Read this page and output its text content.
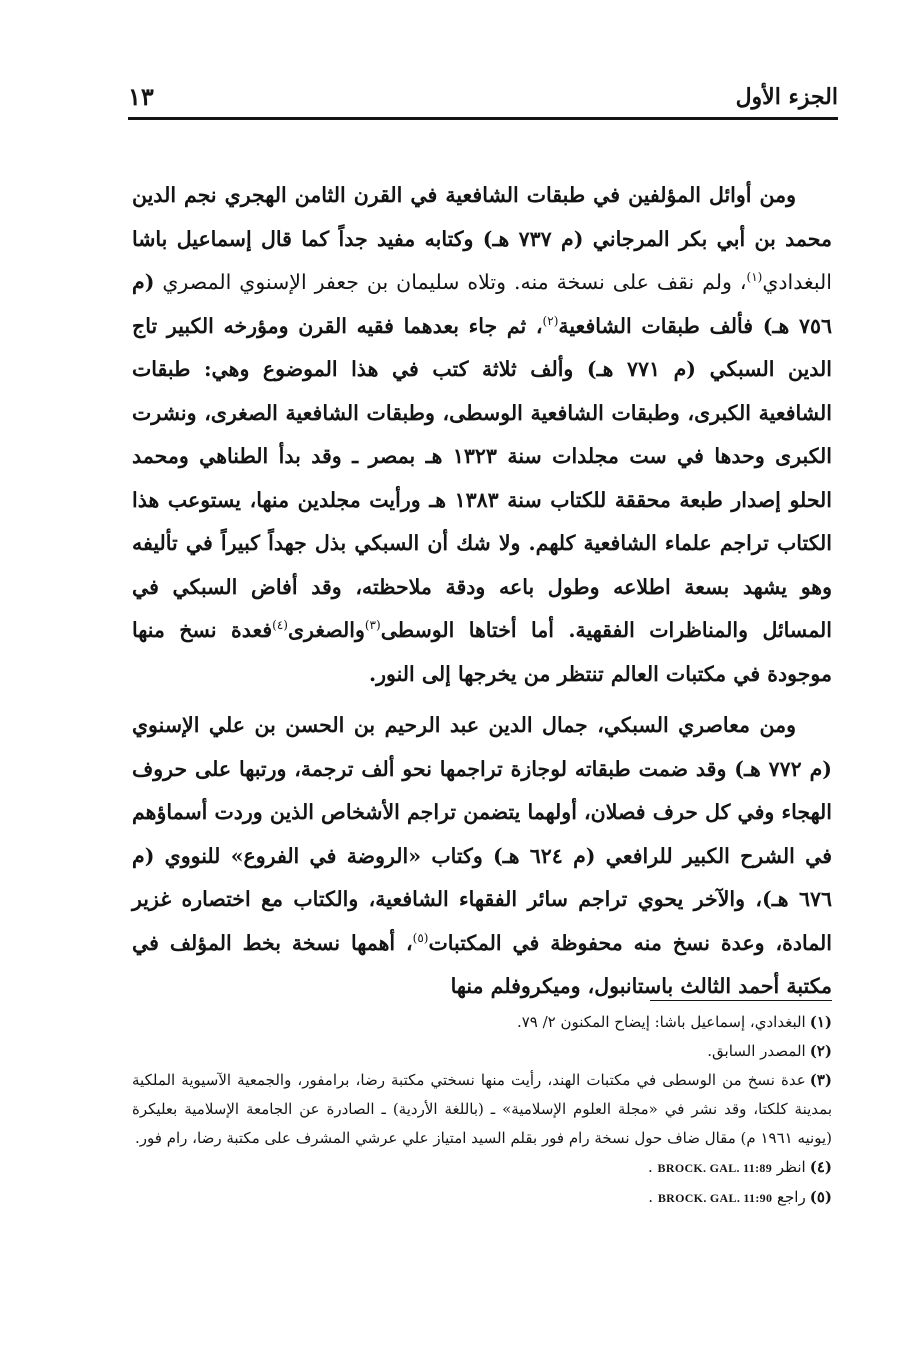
الجزء الأول
١٣

ومن أوائل المؤلفين في طبقات الشافعية في القرن الثامن الهجري نجم الدين محمد بن أبي بكر المرجاني (م ٧٣٧ هـ) وكتابه مفيد جداً كما قال إسماعيل باشا البغدادي$^{(١)}$، ولم نقف على نسخة منه. وتلاه سليمان بن جعفر الإسنوي المصري (م ٧٥٦ هـ) فألف طبقات الشافعية$^{(٢)}$، ثم جاء بعدهما فقيه القرن ومؤرخه الكبير تاج الدين السبكي (م ٧٧١ هـ) وألف ثلاثة كتب في هذا الموضوع وهي: طبقات الشافعية الكبرى، وطبقات الشافعية الوسطى، وطبقات الشافعية الصغرى، ونشرت الكبرى وحدها في ست مجلدات سنة ١٣٢٣ هـ بمصر ـ وقد بدأ الطناهي ومحمد الحلو إصدار طبعة محققة للكتاب سنة ١٣٨٣ هـ ورأيت مجلدين منها، يستوعب هذا الكتاب تراجم علماء الشافعية كلهم. ولا شك أن السبكي بذل جهداً كبيراً في تأليفه وهو يشهد بسعة اطلاعه وطول باعه ودقة ملاحظته، وقد أفاض السبكي في المسائل والمناظرات الفقهية. أما أختاها الوسطى$^{(٣)}$والصغرى$^{(٤)}$فعدة نسخ منها موجودة في مكتبات العالم تنتظر من يخرجها إلى النور.

ومن معاصري السبكي، جمال الدين عبد الرحيم بن الحسن بن علي الإسنوي (م ٧٧٢ هـ) وقد ضمت طبقاته لوجازة تراجمها نحو ألف ترجمة، ورتبها على حروف الهجاء وفي كل حرف فصلان، أولهما يتضمن تراجم الأشخاص الذين وردت أسماؤهم في الشرح الكبير للرافعي (م ٦٢٤ هـ) وكتاب «الروضة في الفروع» للنووي (م ٦٧٦ هـ)، والآخر يحوي تراجم سائر الفقهاء الشافعية، والكتاب مع اختصاره غزير المادة، وعدة نسخ منه محفوظة في المكتبات$^{(٥)}$، أهمها نسخة بخط المؤلف في مكتبة أحمد الثالث باستانبول، وميكروفلم منها

(١)البغدادي، إسماعيل باشا: إيضاح المكنون ٢/ ٧٩.

(٢)المصدر السابق.

(٣)عدة نسخ من الوسطى في مكتبات الهند، رأيت منها نسختي مكتبة رضا، برامفور، والجمعية الآسيوية الملكية بمدينة كلكتا، وقد نشر في «مجلة العلوم الإسلامية» ـ (باللغة الأردية) ـ الصادرة عن الجامعة الإسلامية بعليكرة (يونيه ١٩٦١ م) مقال ضاف حول نسخة رام فور بقلم السيد امتياز علي عرشي المشرف على مكتبة رضا، رام فور.

(٤)انظر BROCK. GAL. 11:89 .

(٥)راجع BROCK. GAL. 11:90 .
